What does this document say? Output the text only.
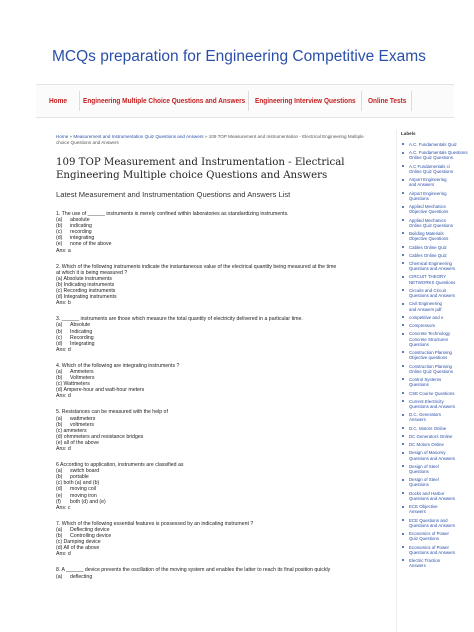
MCQs preparation for Engineering Competitive Exams
Home Engineering Multiple Choice Questions and Answers Engineering Interview Questions Online Tests
Home » Measurement and Instrumentation Quiz Questions and Answers » 109 TOP Measurement and Instrumentation - Electrical Engineering Multiple
choice Questions and Answers
109 TOP Measurement and Instrumentation - Electrical
Engineering Multiple choice Questions and Answers
Latest Measurement and Instrumentation Questions and Answers List
1. The use of ______ instruments is merely confined within laboratories as standardizing instruments.
(a) absolute
(b) indicating
(c) recording
(d) integrating
(e) none of the above
Ans: a
2. Which of the following instruments indicate the instantaneous value of the electrical quantity being measured at the time
at which it is being measured ?
(a) Absolute instruments
(b) Indicating instruments
(c) Recording instruments
(d) Integrating instruments
Ans: b
3. ______ instruments are those which measure the total quantity of electricity delivered in a particular time.
(a) Absolute
(b) Indicating
(c) Recording
(d) Integrating
Ans: d
4. Which of the following are integrating instruments ?
(a) Ammeters
(b) Voltmeters
(c) Wattmeters
(d) Ampere-hour and watt-hour meters
Ans: d
5. Resistances can be measured with the help of
(a) wattmeters
(b) voltmeters
(c) ammeters
(d) ohmmeters and resistance bridges
(e) all of the above
Ans: d
6 According to application, instruments are classified as
(a) switch board
(b) portable
(c) both (a) and (b)
(d) moving coil
(e) moving iron
(f) both (d) and (e)
Ans: c
7. Which of the following essential features is possessed by an indicating instrument ?
(a) Deflecting device
(b) Controlling device
(c) Damping device
(d) All of the above
Ans: d
8. A ______ device prevents the oscillation of the moving system and enables the latter to reach its final position quickly
(a) deflecting
Labels
A.C. Fundamentals Quiz
A.C. Fundamentals Questions
Online Quiz Questions
A.C Fundamentals ci
Online Quiz Questions
Airport Engineering
and Answers
Airport Engineering
Questions
Applied Mechanics
Objective Questions
Applied Mechanics
Online Quiz Questions
Building Materials
Objective Questions
Cables Online Quiz
Cables Online Quiz
Chemical Engineering
Questions and Answers
CIRCUIT THEORY
NETWORKS Questions
Circuits and Circuit
Questions and Answers
Civil Engineering
and Answers pdf
competitive and e
Compressors
Concrete Technology
Concrete Structures
Questions
Construction Planning
Objective questions
Construction Planning
Online Quiz Questions
Control Systems
Questions
CSE Course Questions
Current Electricity
Questions and Answers
D.C. Generators
Answers
D.C. Motors Online
DC Generators Online
DC Motors Online
Design of Masonry
Questions and Answers
Design of Steel
Questions
Design of Steel
Questions
Docks and Harbor
Questions and Answers
ECE Objective
Answers
ECE Questions and
Questions and Answers
Economics of Power
Quiz Questions
Economics of Power
Questions and Answers
Electric Traction
Answers
